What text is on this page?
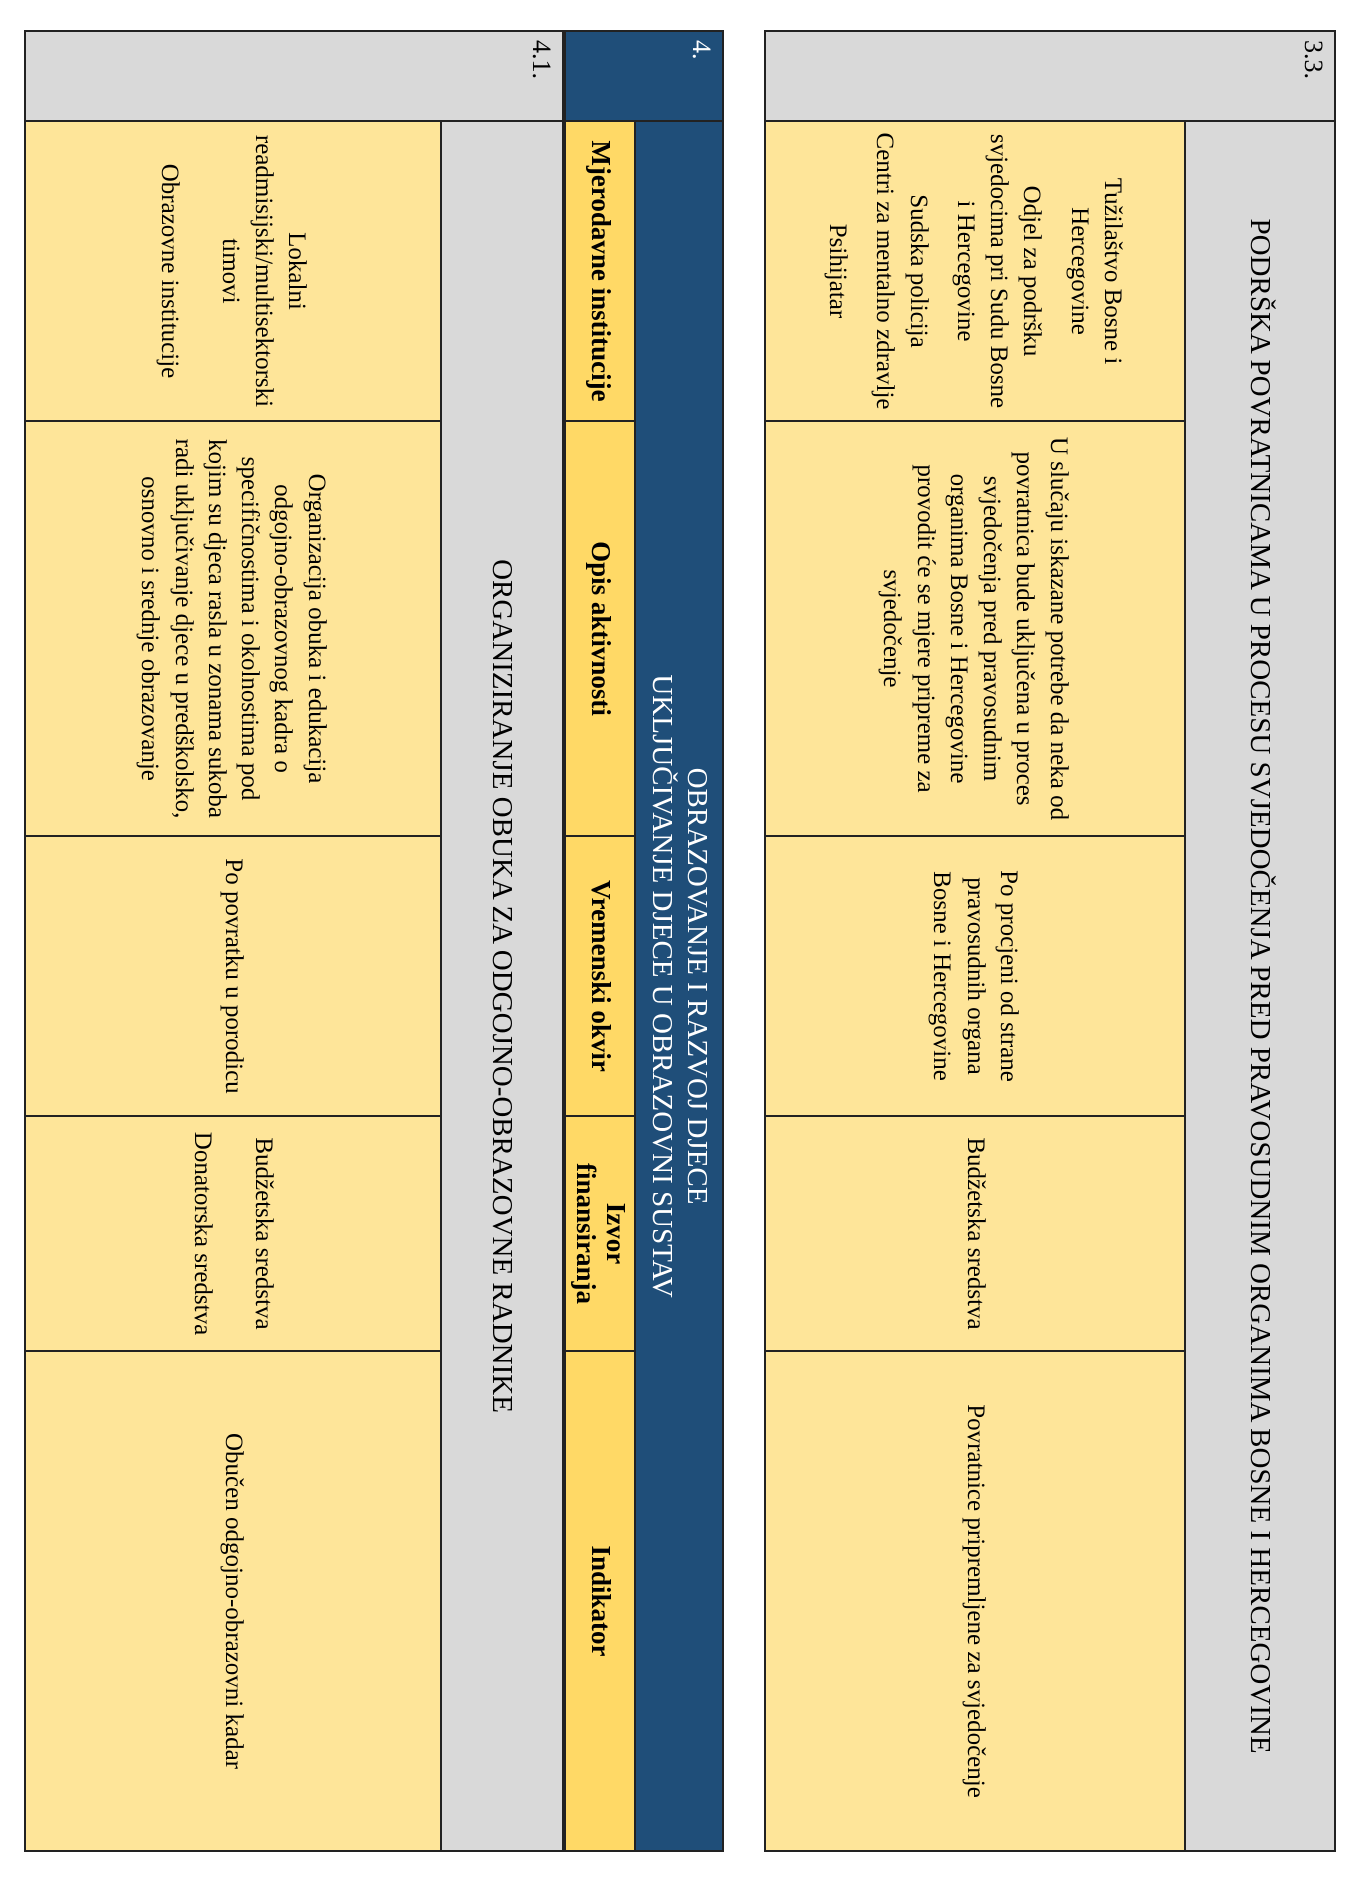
3.3.	PODRŠKA POVRATNICAMA U PROCESU SVJEDOČENJA PRED PRAVOSUDNIM ORGANIMA BOSNE I HERCEGOVINE				

	Tužilaštvo Bosne i Hercegovine
Odjel za podršku svjedocima pri Sudu Bosne i Hercegovine
Sudska policija
Centri za mentalno zdravlje
Psihijatar	U slučaju iskazane potrebe da neka od povratnica bude uključena u proces svjedočenja pred pravosudnim organima Bosne i Hercegovine provodit će se mjere pripreme za svjedočenje	Po procjeni od strane pravosudnih organa Bosne i Hercegovine	Budžetska sredstva	Povratnice pripremljene za svjedočenje
4.	OBRAZOVANJE I RAZVOJ DJECE
UKLJUČIVANJE DJECE U OBRAZOVNI SUSTAV				

	Mjerodavne institucije	Opis aktivnosti	Vremenski okvir	Izvor
finansiranja	Indikator
4.1.	ORGANIZIRANJE OBUKA ZA ODGOJNO-OBRAZOVNE RADNIKE				

	Lokalni readmisijski/multisektorski timovi
Obrazovne institucije	Organizacija obuka i edukacija odgojno-obrazovnog kadra o specifičnostima i okolnostima pod kojim su djeca rasla u zonama sukoba radi uključivanje djece u predškolsko, osnovno i srednje obrazovanje	Po povratku u porodicu	Budžetska sredstva
Donatorska sredstva	Obučen odgojno-obrazovni kadar
